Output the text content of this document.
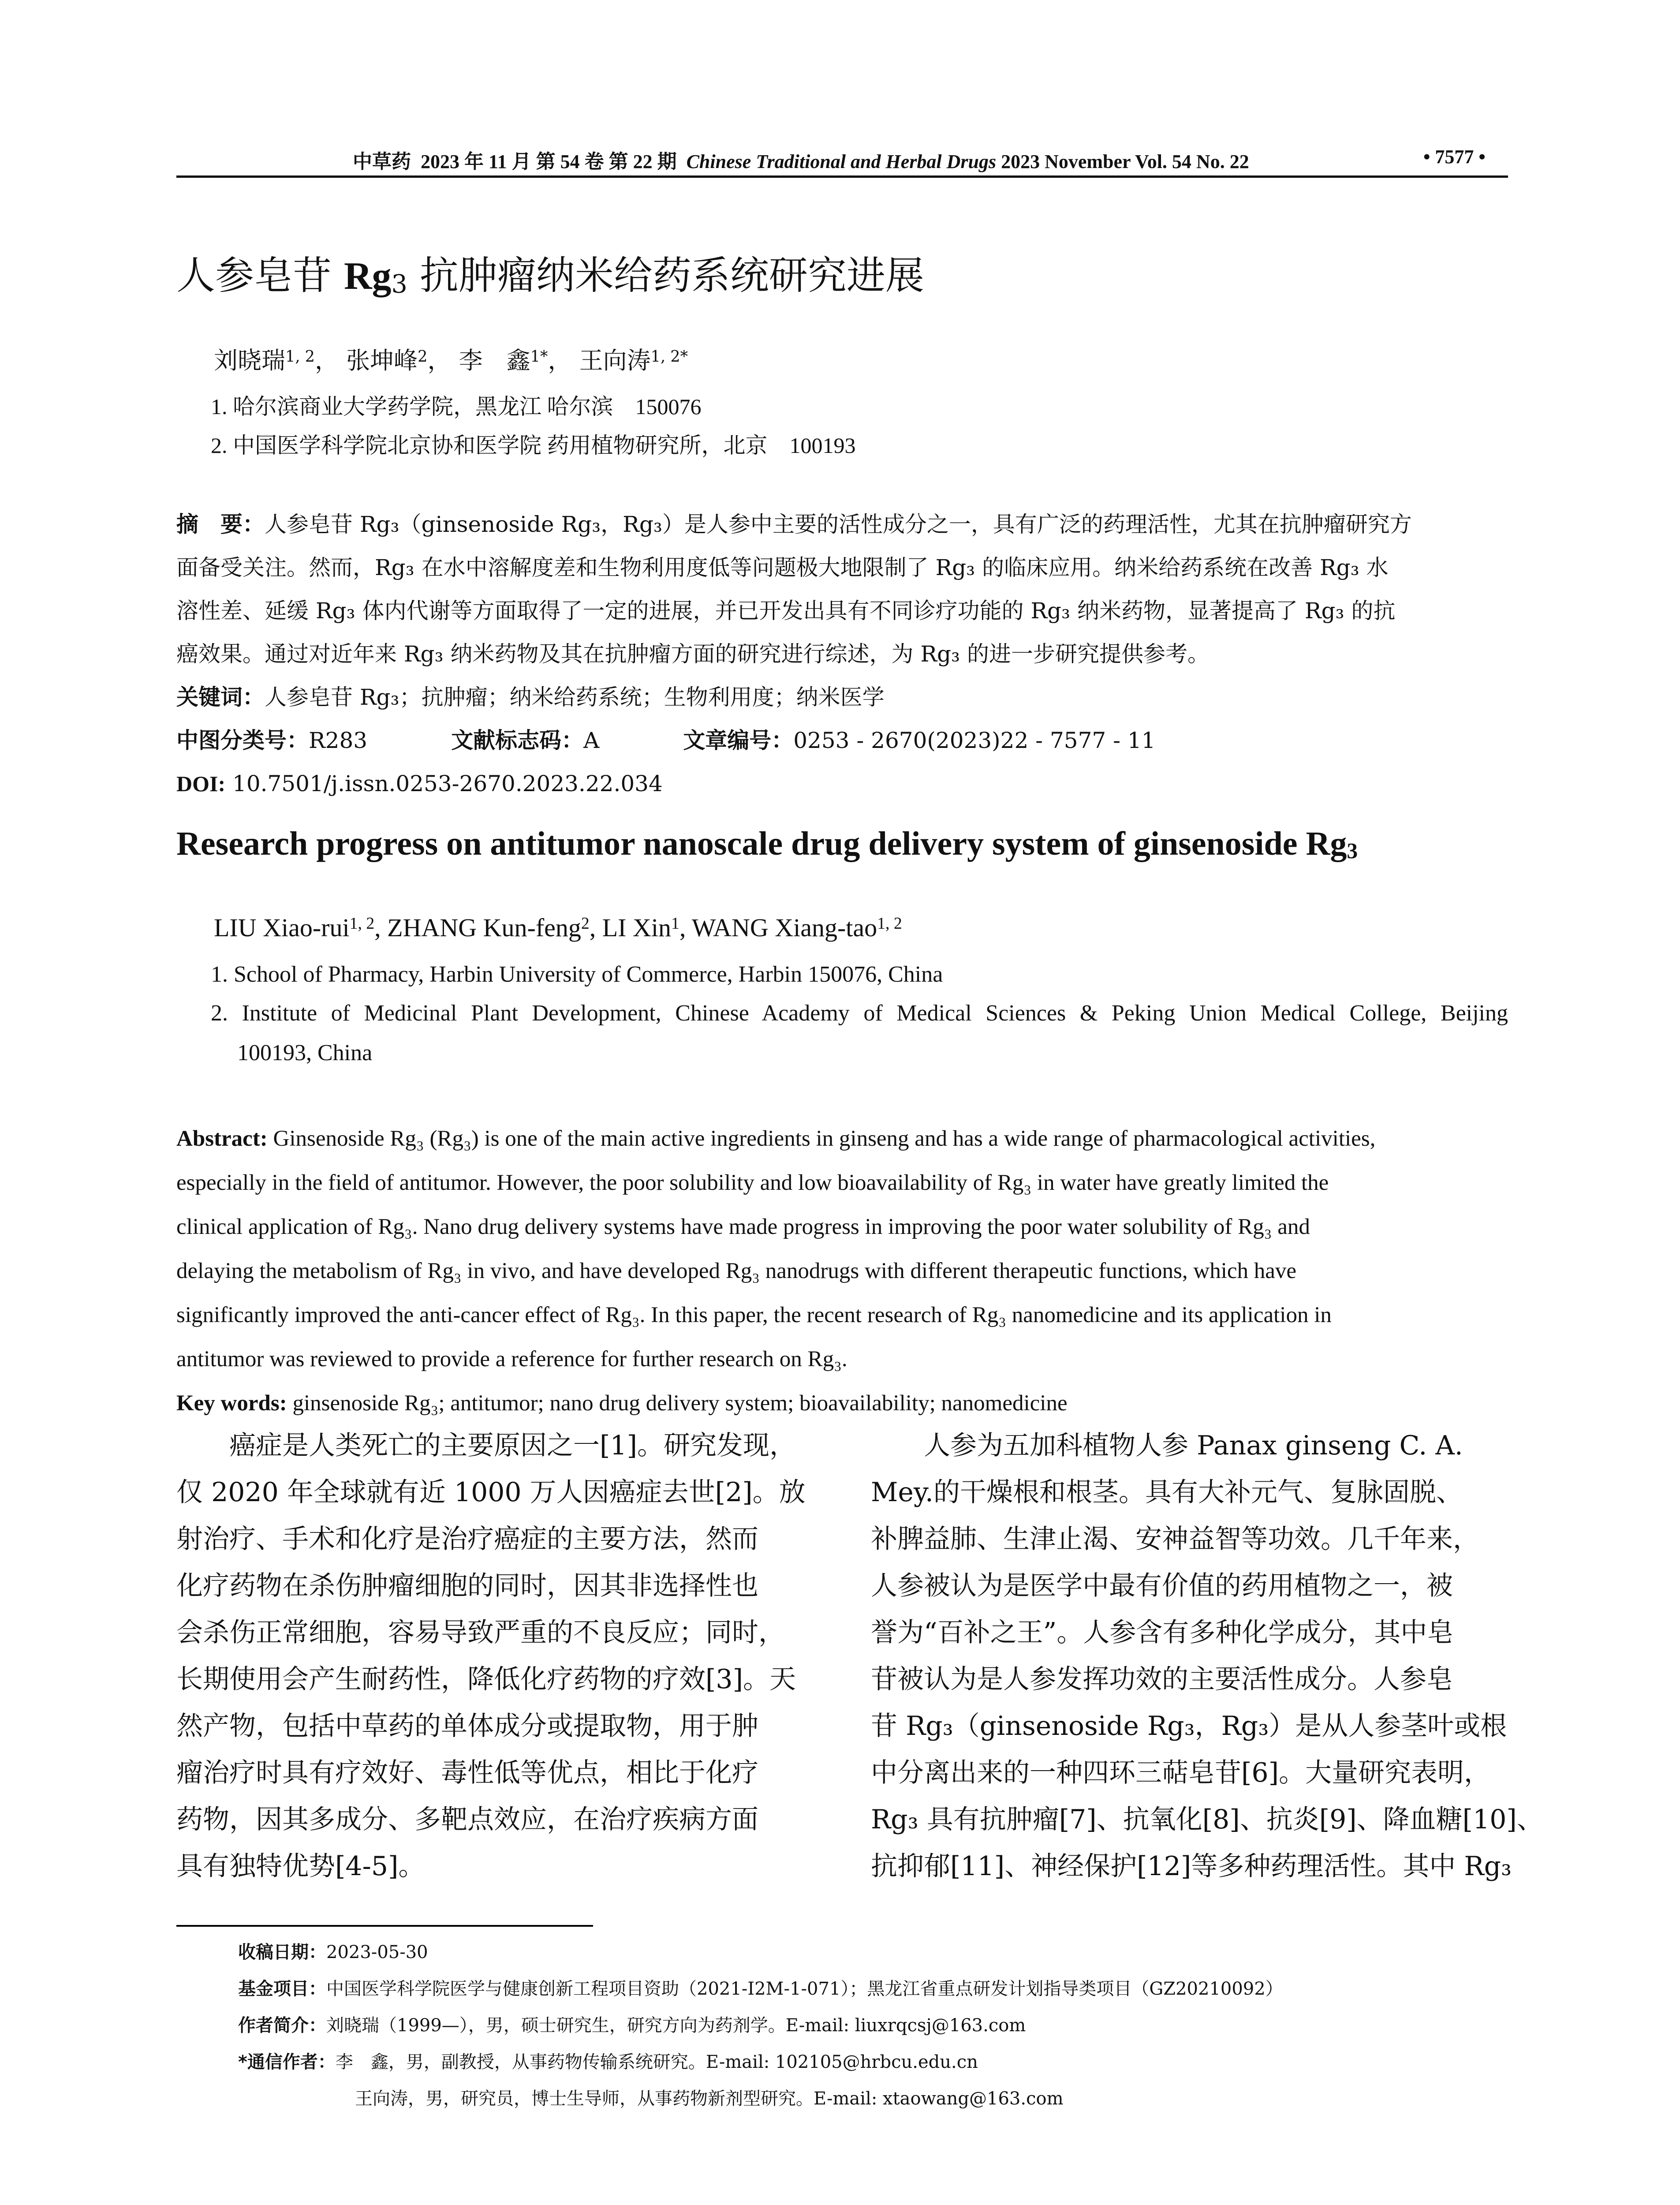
中草药 2023 年 11 月 第 54 卷 第 22 期 Chinese Traditional and Herbal Drugs 2023 November Vol. 54 No. 22	• 7577 •
人参皂苷 $Rg_3$ 抗肿瘤纳米给药系统研究进展
刘晓瑞$^{1, 2}$， 张坤峰$^2$， 李　鑫$^{1*}$， 王向涛$^{1, 2*}$
1. 哈尔滨商业大学药学院，黑龙江 哈尔滨　150076
2. 中国医学科学院北京协和医学院 药用植物研究所，北京　100193
摘　要：人参皂苷 Rg₃（ginsenoside Rg₃，Rg₃）是人参中主要的活性成分之一，具有广泛的药理活性，尤其在抗肿瘤研究方
面备受关注。然而，Rg₃ 在水中溶解度差和生物利用度低等问题极大地限制了 Rg₃ 的临床应用。纳米给药系统在改善 Rg₃ 水
溶性差、延缓 Rg₃ 体内代谢等方面取得了一定的进展，并已开发出具有不同诊疗功能的 Rg₃ 纳米药物，显著提高了 Rg₃ 的抗
癌效果。通过对近年来 Rg₃ 纳米药物及其在抗肿瘤方面的研究进行综述，为 Rg₃ 的进一步研究提供参考。
关键词：人参皂苷 Rg₃；抗肿瘤；纳米给药系统；生物利用度；纳米医学
中图分类号：R283	文献标志码：A	文章编号：0253 - 2670(2023)22 - 7577 - 11
DOI: 10.7501/j.issn.0253-2670.2023.22.034
Research progress on antitumor nanoscale drug delivery system of ginsenoside $Rg_3$
LIU Xiao-rui$^{1, 2}$, ZHANG Kun-feng$^2$, LI Xin$^1$, WANG Xiang-tao$^{1, 2}$
1. School of Pharmacy, Harbin University of Commerce, Harbin 150076, China
2. Institute of Medicinal Plant Development, Chinese Academy of Medical Sciences & Peking Union Medical College, Beijing
100193, China
Abstract: Ginsenoside Rg₃ (Rg₃) is one of the main active ingredients in ginseng and has a wide range of pharmacological activities,
especially in the field of antitumor. However, the poor solubility and low bioavailability of Rg₃ in water have greatly limited the
clinical application of Rg₃. Nano drug delivery systems have made progress in improving the poor water solubility of Rg₃ and
delaying the metabolism of Rg₃ in vivo, and have developed Rg₃ nanodrugs with different therapeutic functions, which have
significantly improved the anti-cancer effect of Rg₃. In this paper, the recent research of Rg₃ nanomedicine and its application in
antitumor was reviewed to provide a reference for further research on Rg₃.
Key words: ginsenoside Rg₃; antitumor; nano drug delivery system; bioavailability; nanomedicine
　　癌症是人类死亡的主要原因之一[1]。研究发现，
仅 2020 年全球就有近 1000 万人因癌症去世[2]。放
射治疗、手术和化疗是治疗癌症的主要方法，然而
化疗药物在杀伤肿瘤细胞的同时，因其非选择性也
会杀伤正常细胞，容易导致严重的不良反应；同时，
长期使用会产生耐药性，降低化疗药物的疗效[3]。天
然产物，包括中草药的单体成分或提取物，用于肿
瘤治疗时具有疗效好、毒性低等优点，相比于化疗
药物，因其多成分、多靶点效应，在治疗疾病方面
具有独特优势[4-5]。
　　人参为五加科植物人参 Panax ginseng C. A.
Mey.的干燥根和根茎。具有大补元气、复脉固脱、
补脾益肺、生津止渴、安神益智等功效。几千年来，
人参被认为是医学中最有价值的药用植物之一，被
誉为“百补之王”。人参含有多种化学成分，其中皂
苷被认为是人参发挥功效的主要活性成分。人参皂
苷 Rg₃（ginsenoside Rg₃，Rg₃）是从人参茎叶或根
中分离出来的一种四环三萜皂苷[6]。大量研究表明，
Rg₃ 具有抗肿瘤[7]、抗氧化[8]、抗炎[9]、降血糖[10]、
抗抑郁[11]、神经保护[12]等多种药理活性。其中 Rg₃
收稿日期：2023-05-30
基金项目：中国医学科学院医学与健康创新工程项目资助（2021-I2M-1-071）；黑龙江省重点研发计划指导类项目（GZ20210092）
作者简介：刘晓瑞（1999—），男，硕士研究生，研究方向为药剂学。E-mail: liuxrqcsj@163.com
*通信作者：李　鑫，男，副教授，从事药物传输系统研究。E-mail: 102105@hrbcu.edu.cn
王向涛，男，研究员，博士生导师，从事药物新剂型研究。E-mail: xtaowang@163.com
